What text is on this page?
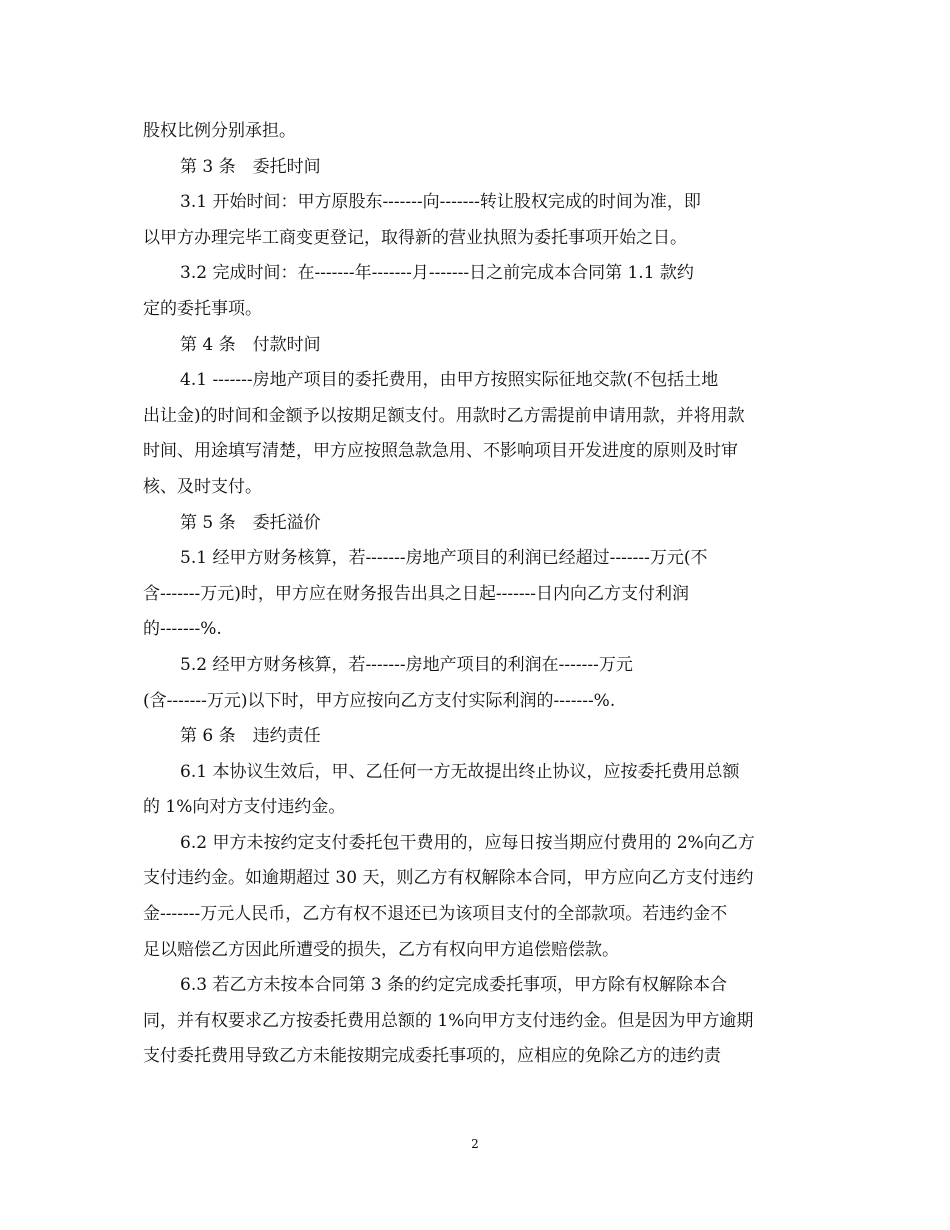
股权比例分别承担。
第 3 条　委托时间
3.1 开始时间：甲方原股东-------向-------转让股权完成的时间为准，即
以甲方办理完毕工商变更登记，取得新的营业执照为委托事项开始之日。
3.2 完成时间：在-------年-------月-------日之前完成本合同第 1.1 款约
定的委托事项。
第 4 条　付款时间
4.1 -------房地产项目的委托费用，由甲方按照实际征地交款(不包括土地
出让金)的时间和金额予以按期足额支付。用款时乙方需提前申请用款，并将用款
时间、用途填写清楚，甲方应按照急款急用、不影响项目开发进度的原则及时审
核、及时支付。
第 5 条　委托溢价
5.1 经甲方财务核算，若-------房地产项目的利润已经超过-------万元(不
含-------万元)时，甲方应在财务报告出具之日起-------日内向乙方支付利润
的-------%.
5.2 经甲方财务核算，若-------房地产项目的利润在-------万元
(含-------万元)以下时，甲方应按向乙方支付实际利润的-------%.
第 6 条　违约责任
6.1 本协议生效后，甲、乙任何一方无故提出终止协议，应按委托费用总额
的 1%向对方支付违约金。
6.2 甲方未按约定支付委托包干费用的，应每日按当期应付费用的 2%向乙方
支付违约金。如逾期超过 30 天，则乙方有权解除本合同，甲方应向乙方支付违约
金-------万元人民币，乙方有权不退还已为该项目支付的全部款项。若违约金不
足以赔偿乙方因此所遭受的损失，乙方有权向甲方追偿赔偿款。
6.3 若乙方未按本合同第 3 条的约定完成委托事项，甲方除有权解除本合
同，并有权要求乙方按委托费用总额的 1%向甲方支付违约金。但是因为甲方逾期
支付委托费用导致乙方未能按期完成委托事项的，应相应的免除乙方的违约责
2
